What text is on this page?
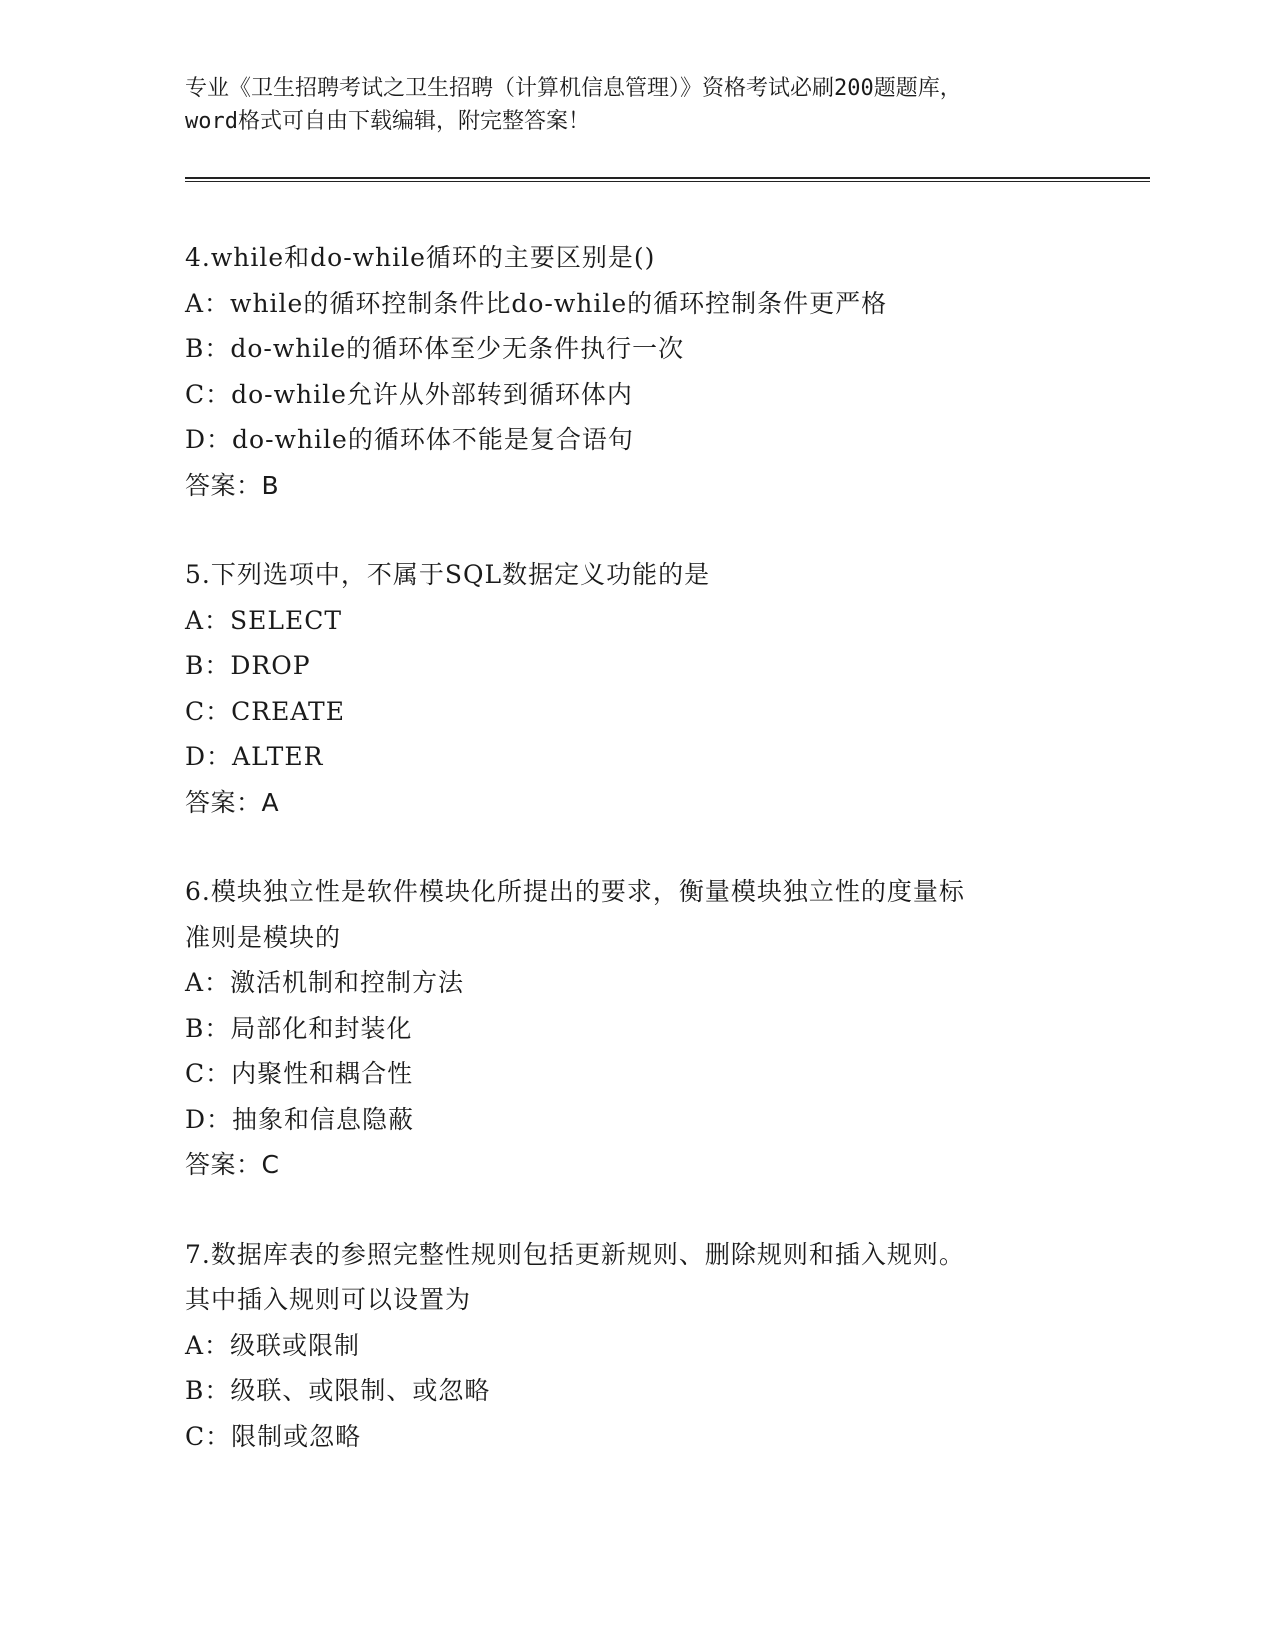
专业《卫生招聘考试之卫生招聘（计算机信息管理）》资格考试必刷200题题库，
word格式可自由下载编辑，附完整答案！
4.while和do-while循环的主要区别是()
A：while的循环控制条件比do-while的循环控制条件更严格
B：do-while的循环体至少无条件执行一次
C：do-while允许从外部转到循环体内
D：do-while的循环体不能是复合语句
答案：B
5.下列选项中，不属于SQL数据定义功能的是
A：SELECT
B：DROP
C：CREATE
D：ALTER
答案：A
6.模块独立性是软件模块化所提出的要求，衡量模块独立性的度量标
准则是模块的
A：激活机制和控制方法
B：局部化和封装化
C：内聚性和耦合性
D：抽象和信息隐蔽
答案：C
7.数据库表的参照完整性规则包括更新规则、删除规则和插入规则。
其中插入规则可以设置为
A：级联或限制
B：级联、或限制、或忽略
C：限制或忽略
